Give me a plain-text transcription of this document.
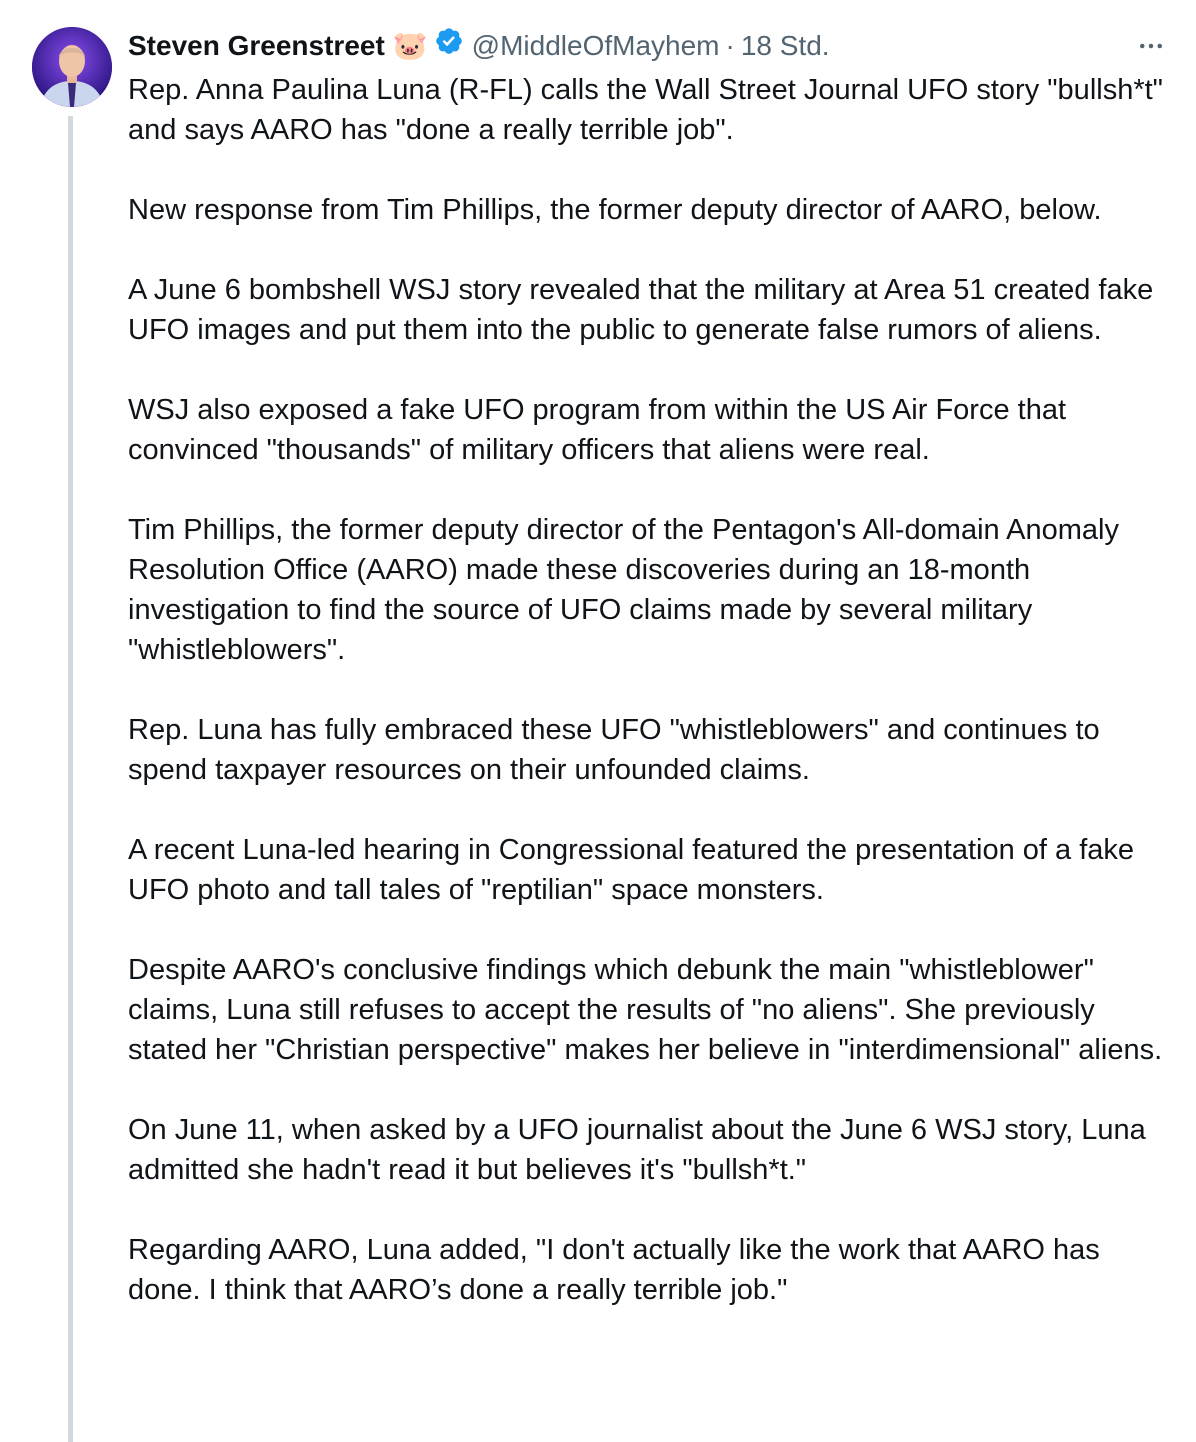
Steven Greenstreet 🐷 @MiddleOfMayhem · 18 Std.

Rep. Anna Paulina Luna (R-FL) calls the Wall Street Journal UFO story "bullsh*t" and says AARO has "done a really terrible job".

New response from Tim Phillips, the former deputy director of AARO, below.

A June 6 bombshell WSJ story revealed that the military at Area 51 created fake UFO images and put them into the public to generate false rumors of aliens.

WSJ also exposed a fake UFO program from within the US Air Force that convinced "thousands" of military officers that aliens were real.

Tim Phillips, the former deputy director of the Pentagon's All-domain Anomaly Resolution Office (AARO) made these discoveries during an 18-month investigation to find the source of UFO claims made by several military "whistleblowers".

Rep. Luna has fully embraced these UFO "whistleblowers" and continues to spend taxpayer resources on their unfounded claims.

A recent Luna-led hearing in Congressional featured the presentation of a fake UFO photo and tall tales of "reptilian" space monsters.

Despite AARO's conclusive findings which debunk the main "whistleblower" claims, Luna still refuses to accept the results of "no aliens". She previously stated her "Christian perspective" makes her believe in "interdimensional" aliens.

On June 11, when asked by a UFO journalist about the June 6 WSJ story, Luna admitted she hadn't read it but believes it's "bullsh*t."

Regarding AARO, Luna added, "I don't actually like the work that AARO has done. I think that AARO’s done a really terrible job."
